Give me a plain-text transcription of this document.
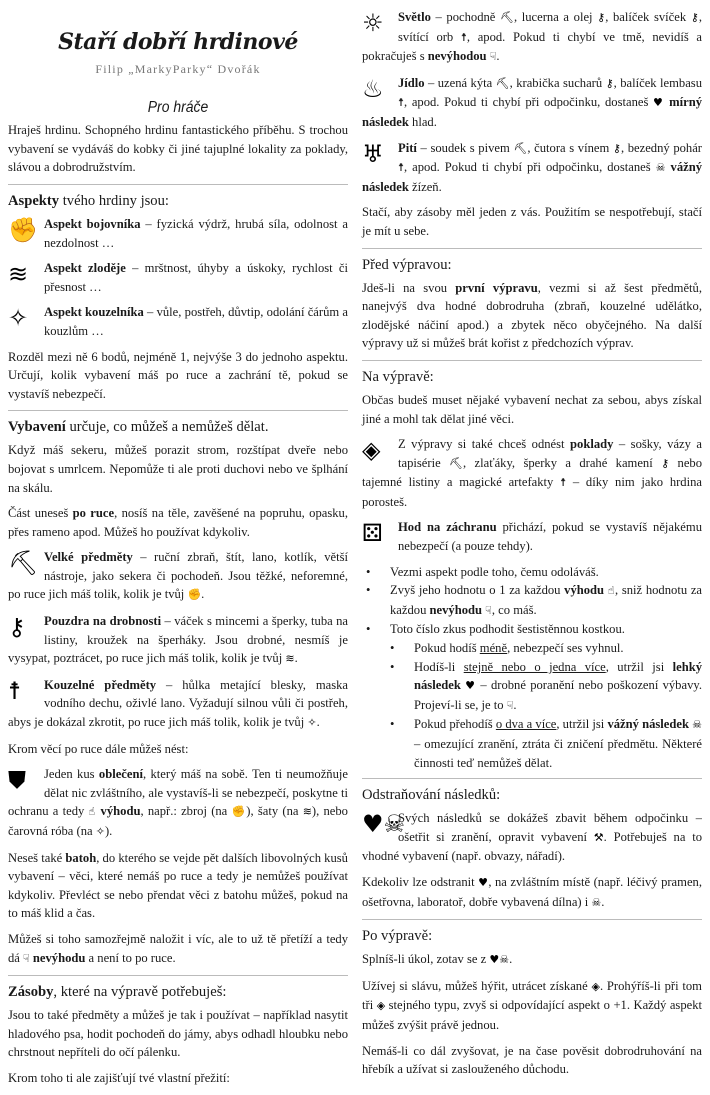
Staří dobří hrdinové
Filip „MarkyParky“ Dvořák
Pro hráče

Hraješ hrdinu. Schopného hrdinu fantastického příběhu. S trochou vybavení se vydáváš do kobky či jiné tajuplné lokality za poklady, slávou a dobrodružstvím.

Aspekty tvého hrdiny jsou:

✊ Aspekt bojovníka – fyzická výdrž, hrubá síla, odolnost a nezdolnost …

≋	Aspekt zloděje – mrštnost, úhyby a úskoky, rychlost či přesnost …

✧	Aspekt kouzelníka – vůle, postřeh, důvtip, odolání čárům a kouzlům …

Rozděl mezi ně 6 bodů, nejméně 1, nejvýše 3 do jednoho aspektu. Určují, kolik vybavení máš po ruce a zachrání tě, pokud se vystavíš nebezpečí.

Vybavení určuje, co můžeš a nemůžeš dělat.

Když máš sekeru, můžeš porazit strom, rozštípat dveře nebo bojovat s umrlcem. Nepomůže ti ale proti duchovi nebo ve šplhání na skálu.

Část uneseš po ruce, nosíš na těle, zavěšené na popruhu, opasku, přes rameno apod. Můžeš ho používat kdykoliv.

⛏ Velké předměty – ruční zbraň, štít, lano, kotlík, větší nástroje, jako sekera či pochodeň. Jsou těžké, neforemné, po ruce jich máš tolik, kolik je tvůj ✊.

⚷	Pouzdra na drobnosti – váček s mincemi a šperky, tuba na listiny, kroužek na šperháky. Jsou drobné, nesmíš je vysypat, poztrácet, po ruce jich máš tolik, kolik je tvůj ≋.

☨	Kouzelné předměty – hůlka metající blesky, maska vodního dechu, oživlé lano. Vyžadují silnou vůli či postřeh, abys je dokázal zkrotit, po ruce jich máš tolik, kolik je tvůj ✧.

Krom věcí po ruce dále můžeš nést:

⛊	Jeden kus oblečení, který máš na sobě. Ten ti neumožňuje dělat nic zvláštního, ale vystavíš-li se nebezpečí, poskytne ti ochranu a tedy ☝ výhodu, např.: zbroj (na ✊), šaty (na ≋), nebo čarovná róba (na ✧).

Neseš také batoh, do kterého se vejde pět dalších libovolných kusů vybavení – věci, které nemáš po ruce a tedy je nemůžeš používat kdykoliv. Převléct se nebo přendat věci z batohu můžeš, pokud na to máš klid a čas.

Můžeš si toho samozřejmě naložit i víc, ale to už tě přetíží a tedy dá ☟ nevýhodu a není to po ruce.

Zásoby, které na výpravě potřebuješ:

Jsou to také předměty a můžeš je tak i používat – například nasytit hladového psa, hodit pochodeň do jámy, abys odhadl hloubku nebo chrstnout nepříteli do očí pálenku.

Krom toho ti ale zajišťují tvé vlastní přežití:

☼	Světlo – pochodně ⛏, lucerna a olej ⚷, balíček svíček ⚷, svítící orb ☨, apod. Pokud ti chybí ve tmě, nevidíš a pokračuješ s nevýhodou ☟.

♨	Jídlo – uzená kýta ⛏, krabička sucharů ⚷, balíček lembasu ☨, apod. Pokud ti chybí při odpočinku, dostaneš ♥ mírný následek hlad.

♅	Pití – soudek s pivem ⛏, čutora s vínem ⚷, bezedný pohár ☨, apod. Pokud ti chybí při odpočinku, dostaneš ☠ vážný následek žízeň.

Stačí, aby zásoby měl jeden z vás. Použitím se nespotřebují, stačí je mít u sebe.

Před výpravou:

Jdeš-li na svou první výpravu, vezmi si až šest předmětů, nanejvýš dva hodné dobrodruha (zbraň, kouzelné udělátko, zlodějské náčiní apod.) a zbytek něco obyčejného. Na další výpravy už si můžeš brát kořist z předchozích výprav.

Na výpravě:

Občas budeš muset nějaké vybavení nechat za sebou, abys získal jiné a mohl tak dělat jiné věci.

◈	Z výpravy si také chceš odnést poklady – sošky, vázy a tapisérie ⛏, zlaťáky, šperky a drahé kamení ⚷ nebo tajemné listiny a magické artefakty ☨ – díky nim jako hrdina porosteš.

⚄	Hod na záchranu přichází, pokud se vystavíš nějakému nebezpečí (a pouze tehdy).

• Vezmi aspekt podle toho, čemu odoláváš.
• Zvyš jeho hodnotu o 1 za každou výhodu ☝, sniž hodnotu za každou nevýhodu ☟, co máš.
• Toto číslo zkus podhodit šestistěnnou kostkou.
• Pokud hodíš méně, nebezpečí ses vyhnul.
• Hodíš-li stejně nebo o jedna více, utržil jsi lehký následek ♥ – drobné poranění nebo poškození výbavy. Projeví-li se, je to ☟.
• Pokud přehodíš o dva a více, utržil jsi vážný následek ☠ – omezující zranění, ztráta či zničení předmětu. Některé činnosti teď nemůžeš dělat.
Odstraňování následků:

♥☠
Svých následků se dokážeš zbavit během odpočinku – ošetřit si zranění, opravit vybavení ⚒. Potřebuješ na to vhodné vybavení (např. obvazy, nářadí).

Kdekoliv lze odstranit ♥, na zvláštním místě (např. léčivý pramen, ošetřovna, laboratoř, dobře vybavená dílna) i ☠.

Po výpravě:

Splníš-li úkol, zotav se z ♥☠.

Užívej si slávu, můžeš hýřit, utrácet získané ◈. Prohýříš-li při tom tři ◈ stejného typu, zvyš si odpovídající aspekt o +1. Každý aspekt můžeš zvýšit právě jednou.

Nemáš-li co dál zvyšovat, je na čase pověsit dobrodruhování na hřebík a užívat si zaslouženého důchodu.
